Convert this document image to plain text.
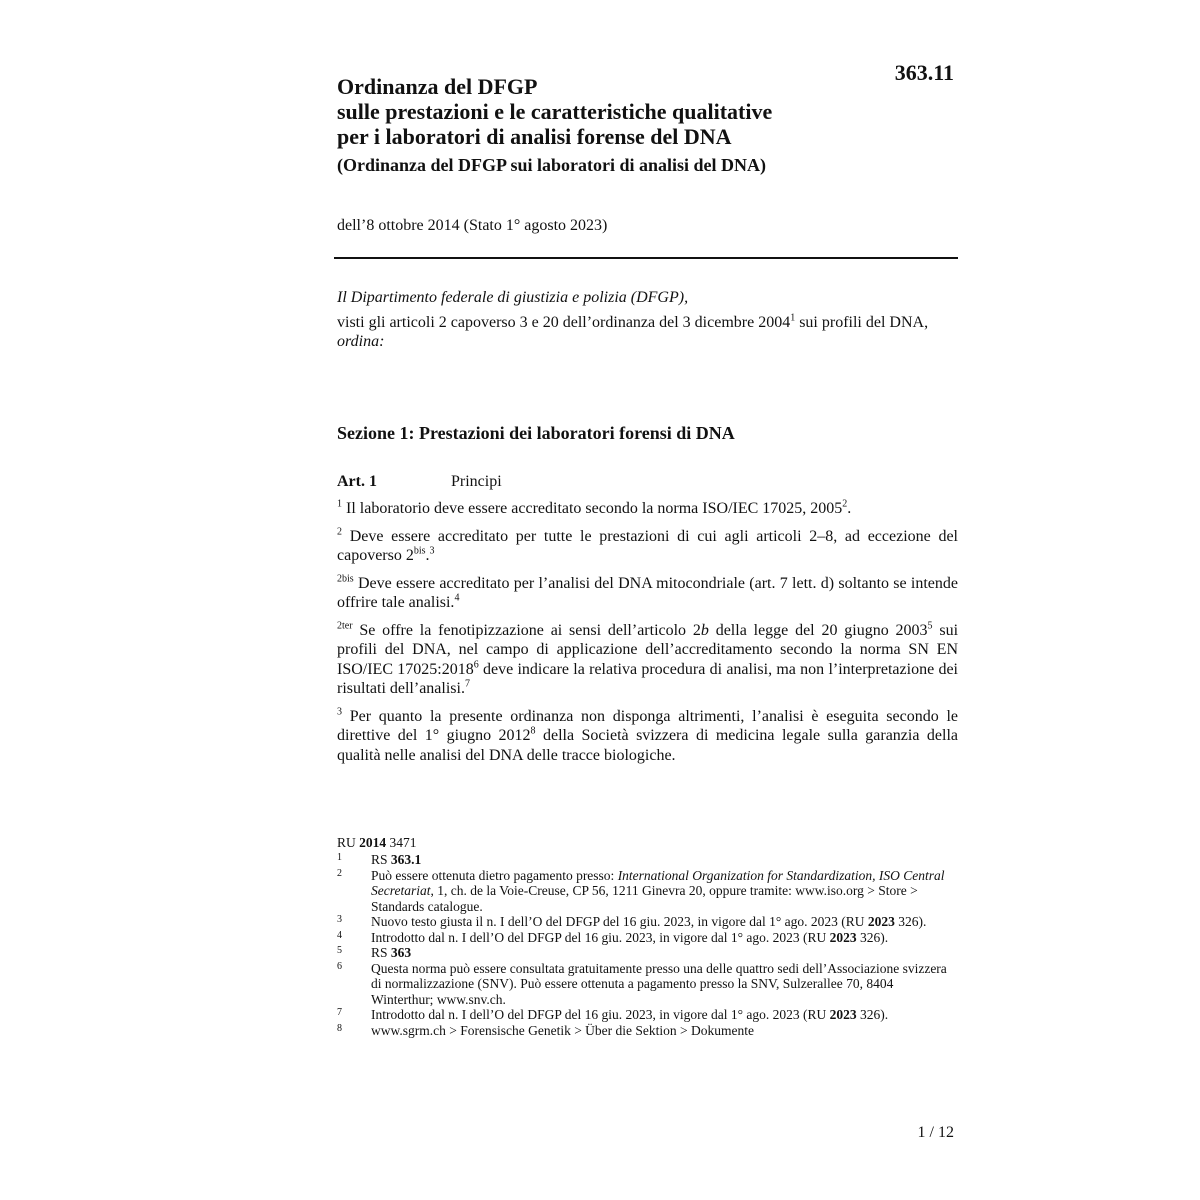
363.11
Ordinanza del DFGP
sulle prestazioni e le caratteristiche qualitative
per i laboratori di analisi forense del DNA
(Ordinanza del DFGP sui laboratori di analisi del DNA)
dell’8 ottobre 2014 (Stato 1° agosto 2023)

Il Dipartimento federale di giustizia e polizia (DFGP),

visti gli articoli 2 capoverso 3 e 20 dell’ordinanza del 3 dicembre 2004$^1$ sui profili del DNA,

ordina:

Sezione 1: Prestazioni dei laboratori forensi di DNA
Art. 1	Principi

$^1$ Il laboratorio deve essere accreditato secondo la norma ISO/IEC 17025, 2005$^2$.

$^2$ Deve essere accreditato per tutte le prestazioni di cui agli articoli 2–8, ad eccezione del capoverso $2^{bis}.^3$

$^{2bis}$ Deve essere accreditato per l’analisi del DNA mitocondriale (art. 7 lett. d) soltanto se intende offrire tale analisi.$^4$

$^{2ter}$ Se offre la fenotipizzazione ai sensi dell’articolo 2b della legge del 20 giugno 2003$^5$ sui profili del DNA, nel campo di applicazione dell’accreditamento secondo la norma SN EN ISO/IEC 17025:2018$^6$ deve indicare la relativa procedura di analisi, ma non l’interpretazione dei risultati dell’analisi.$^7$

$^3$ Per quanto la presente ordinanza non disponga altrimenti, l’analisi è eseguita secondo le direttive del 1° giugno 2012$^8$ della Società svizzera di medicina legale sulla garanzia della qualità nelle analisi del DNA delle tracce biologiche.

RU 2014 3471
1	RS 363.1
2	Può essere ottenuta dietro pagamento presso: International Organization for Standardization, ISO Central Secretariat, 1, ch. de la Voie-Creuse, CP 56, 1211 Ginevra 20, oppure tramite: www.iso.org > Store > Standards catalogue.
3	Nuovo testo giusta il n. I dell’O del DFGP del 16 giu. 2023, in vigore dal 1° ago. 2023 (RU 2023 326).
4	Introdotto dal n. I dell’O del DFGP del 16 giu. 2023, in vigore dal 1° ago. 2023 (RU 2023 326).
5	RS 363
6	Questa norma può essere consultata gratuitamente presso una delle quattro sedi dell’Associazione svizzera di normalizzazione (SNV). Può essere ottenuta a pagamento presso la SNV, Sulzerallee 70, 8404 Winterthur; www.snv.ch.
7	Introdotto dal n. I dell’O del DFGP del 16 giu. 2023, in vigore dal 1° ago. 2023 (RU 2023 326).
8	www.sgrm.ch > Forensische Genetik > Über die Sektion > Dokumente
1 / 12
